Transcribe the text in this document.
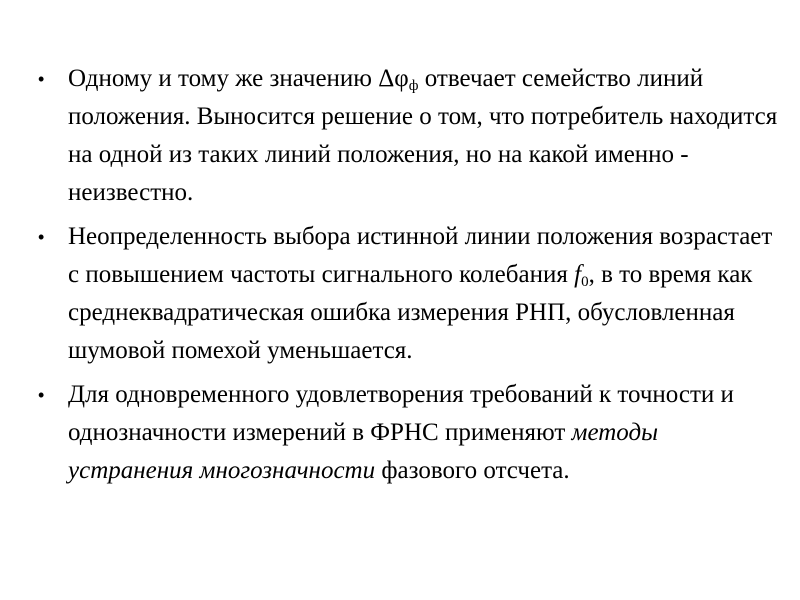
• Одному и тому же значению $\Delta\varphi_ф$ отвечает семейство линий положения. Выносится решение о том, что потребитель находится на одной из таких линий положения, но на какой именно - неизвестно.
• Неопределенность выбора истинной линии положения возрастает с повышением частоты сигнального колебания $f_0$, в то время как среднеквадратическая ошибка измерения РНП, обусловленная шумовой помехой уменьшается.
• Для одновременного удовлетворения требований к точности и однозначности измерений в ФРНС применяют методы устранения многозначности фазового отсчета.
